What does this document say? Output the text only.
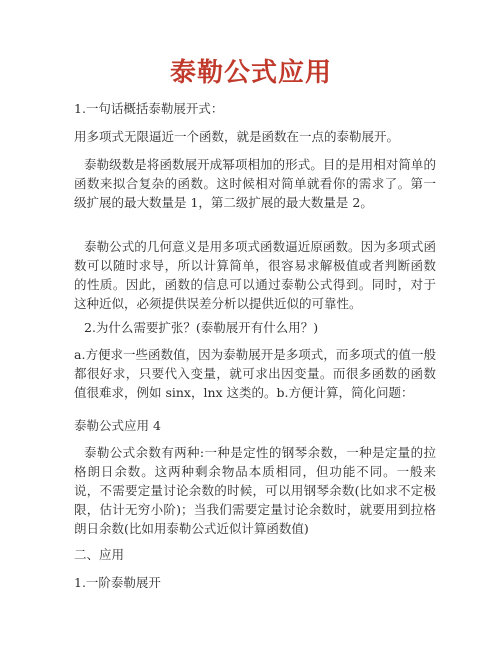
泰勒公式应用
1.一句话概括泰勒展开式：
用多项式无限逼近一个函数，就是函数在一点的泰勒展开。
泰勒级数是将函数展开成幂项相加的形式。目的是用相对简单的函数来拟合复杂的函数。这时候相对简单就看你的需求了。第一级扩展的最大数量是 1，第二级扩展的最大数量是 2。
泰勒公式的几何意义是用多项式函数逼近原函数。因为多项式函数可以随时求导，所以计算简单，很容易求解极值或者判断函数的性质。因此，函数的信息可以通过泰勒公式得到。同时，对于这种近似，必须提供误差分析以提供近似的可靠性。
2.为什么需要扩张？(泰勒展开有什么用？)
a.方便求一些函数值，因为泰勒展开是多项式，而多项式的值一般都很好求，只要代入变量，就可求出因变量。而很多函数的函数值很难求，例如 sinx，lnx 这类的。b.方便计算，简化问题：
泰勒公式应用 4
泰勒公式余数有两种:一种是定性的钢琴余数，一种是定量的拉格朗日余数。这两种剩余物品本质相同，但功能不同。一般来说，不需要定量讨论余数的时候，可以用钢琴余数(比如求不定极限，估计无穷小阶)；当我们需要定量讨论余数时，就要用到拉格朗日余数(比如用泰勒公式近似计算函数值)
二、应用
1.一阶泰勒展开
